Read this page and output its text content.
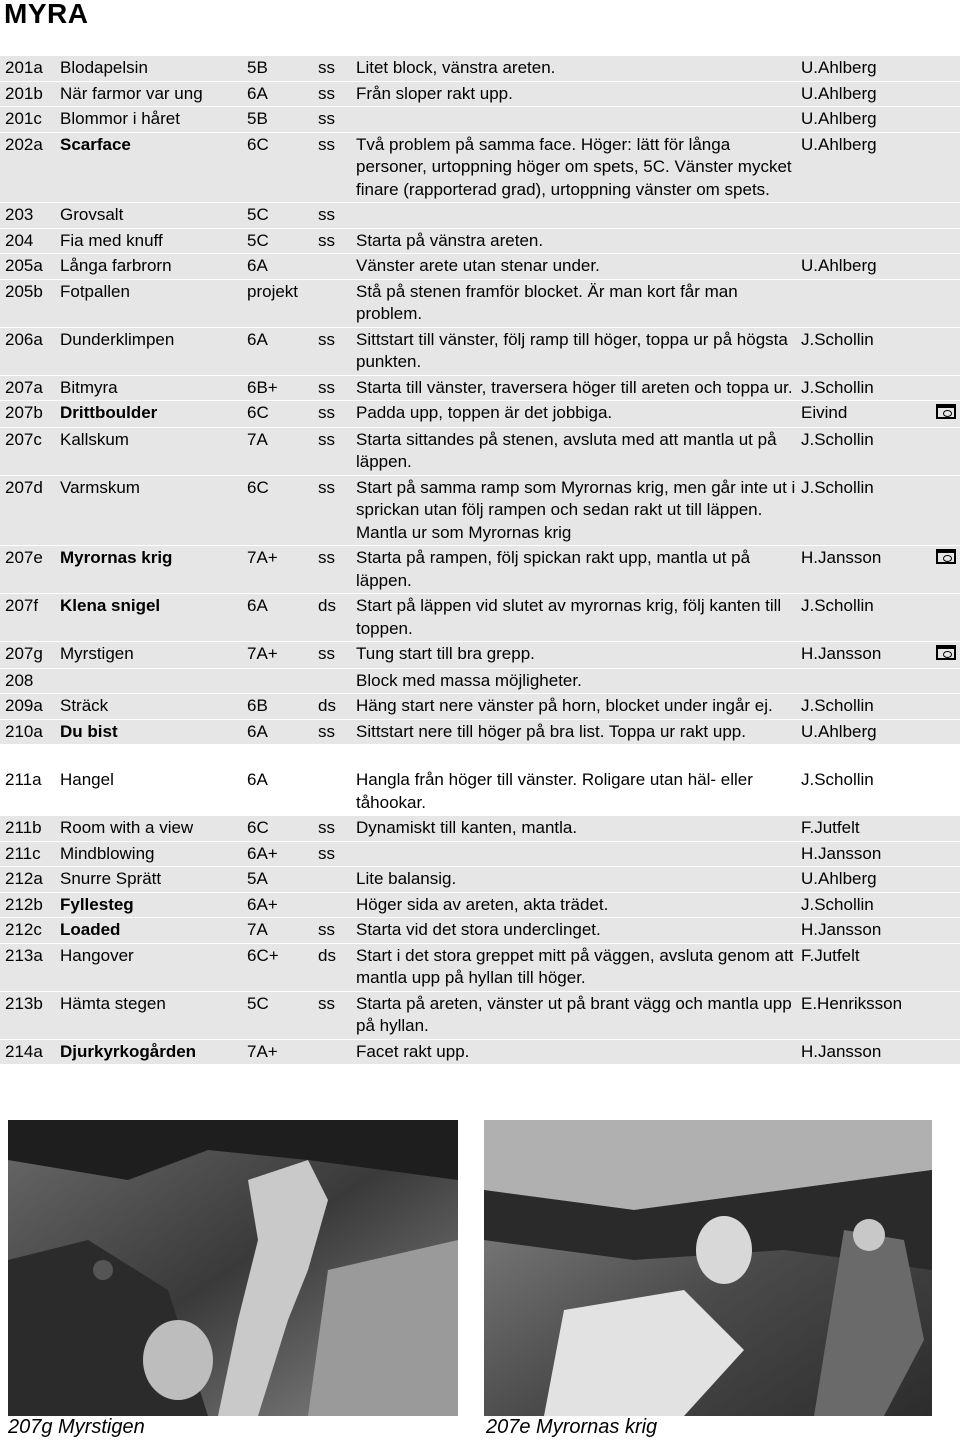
MYRA
201a	Blodapelsin	5B	ss	Litet block, vänstra areten.	U.Ahlberg	
201b	När farmor var ung	6A	ss	Från sloper rakt upp.	U.Ahlberg	
201c	Blommor i håret	5B	ss		U.Ahlberg	
202a	Scarface	6C	ss	Två problem på samma face. Höger: lätt för långa personer, urtoppning höger om spets, 5C. Vänster mycket finare (rapporterad grad), urtoppning vänster om spets.	U.Ahlberg	
203	Grovsalt	5C	ss			
204	Fia med knuff	5C	ss	Starta på vänstra areten.		
205a	Långa farbrorn	6A		Vänster arete utan stenar under.	U.Ahlberg	
205b	Fotpallen	projekt		Stå på stenen framför blocket. Är man kort får man problem.		
206a	Dunderklimpen	6A	ss	Sittstart till vänster, följ ramp till höger, toppa ur på högsta punkten.	J.Schollin	
207a	Bitmyra	6B+	ss	Starta till vänster, traversera höger till areten och toppa ur.	J.Schollin	
207b	Drittboulder	6C	ss	Padda upp, toppen är det jobbiga.	Eivind	
207c	Kallskum	7A	ss	Starta sittandes på stenen, avsluta med att mantla ut på läppen.	J.Schollin	
207d	Varmskum	6C	ss	Start på samma ramp som Myrornas krig, men går inte ut i sprickan utan följ rampen och sedan rakt ut till läppen. Mantla ur som Myrornas krig	J.Schollin	
207e	Myrornas krig	7A+	ss	Starta på rampen, följ spickan rakt upp, mantla ut på läppen.	H.Jansson	
207f	Klena snigel	6A	ds	Start på läppen vid slutet av myrornas krig, följ kanten till toppen.	J.Schollin	
207g	Myrstigen	7A+	ss	Tung start till bra grepp.	H.Jansson	
208				Block med massa möjligheter.		
209a	Sträck	6B	ds	Häng start nere vänster på horn, blocket under ingår ej.	J.Schollin	
210a	Du bist	6A	ss	Sittstart nere till höger på bra list. Toppa ur rakt upp.	U.Ahlberg	

211a	Hangel	6A		Hangla från höger till vänster. Roligare utan häl- eller tåhookar.	J.Schollin	
211b	Room with a view	6C	ss	Dynamiskt till kanten, mantla.	F.Jutfelt	
211c	Mindblowing	6A+	ss		H.Jansson	
212a	Snurre Sprätt	5A		Lite balansig.	U.Ahlberg	
212b	Fyllesteg	6A+		Höger sida av areten, akta trädet.	J.Schollin	
212c	Loaded	7A	ss	Starta vid det stora underclinget.	H.Jansson	
213a	Hangover	6C+	ds	Start i det stora greppet mitt på väggen, avsluta genom att mantla upp på hyllan till höger.	F.Jutfelt	
213b	Hämta stegen	5C	ss	Starta på areten, vänster ut på brant vägg och mantla upp på hyllan.	E.Henriksson	
214a	Djurkyrkogården	7A+		Facet rakt upp.	H.Jansson	
207g Myrstigen	207e Myrornas krig
